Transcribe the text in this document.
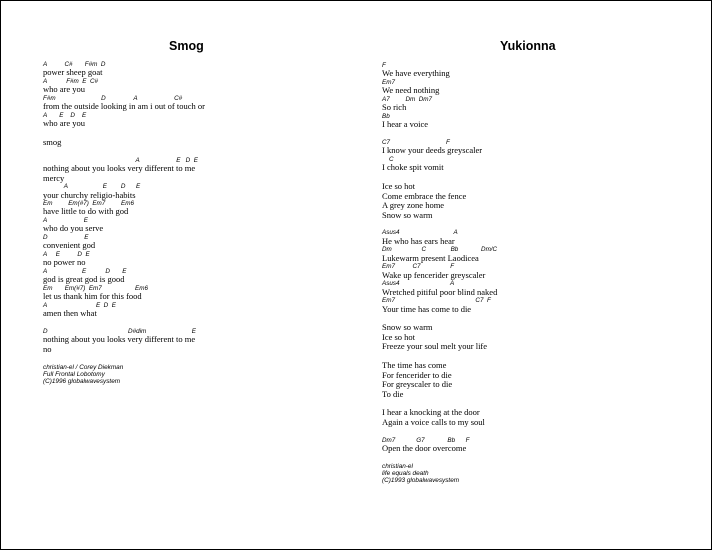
Smog
A          C#       F#m  D
power sheep goat
A           F#m  E  C#
who are you
F#m                          D                A                     C#
from the outside looking in am i out of touch or
A       E    D    E
who are you
smog
A                     E   D  E
nothing about you looks very different to me
mercy
A                    E        D      E
your churchy religio-habits
Em         Em(#7)  Em7         Em6
have little to do with god
A                     E
who do you serve
D                     E
convenient god
A     E          D  E
no power no
A                    E           D       E
god is great god is good
Em       Em(#7)  Em7                   Em6
let us thank him for this food
A                            E  D  E
amen then what
D                                              D#dim                          E
nothing about you looks very different to me
no
christian-el / Corey Diekman
Full Frontal Lobotomy
(C)1996 globalwavesystem
Yukionna
F
We have everything
Em7
We need nothing
A7         Dm  Dm7
So rich
Bb
I hear a voice
C7                                F
I know your deeds greyscaler
C
I choke spit vomit
Ice so hot
Come embrace the fence
A grey zone home
Snow so warm
Asus4                               A
He who has ears hear
Dm                 C              Bb             Dm/C
Lukewarm present Laodicea
Em7          C7                 F
Wake up fencerider greyscaler
Asus4                             A
Wretched pitiful poor blind naked
Em7                                              C7  F
Your time has come to die
Snow so warm
Ice so hot
Freeze your soul melt your life
The time has come
For fencerider to die
For greyscaler to die
To die
I hear a knocking at the door
Again a voice calls to my soul
Dm7            G7             Bb      F
Open the door overcome
christian-el
life equals death
(C)1993 globalwavesystem
